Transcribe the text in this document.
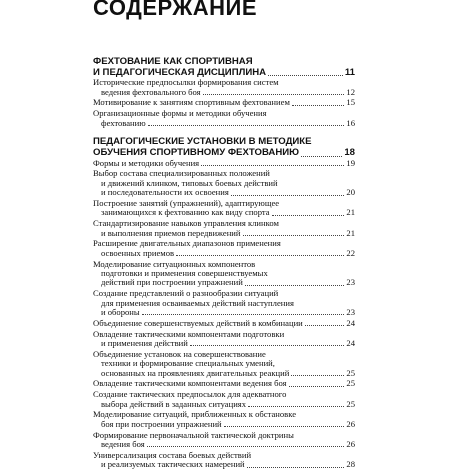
СОДЕРЖАНИЕ
ФЕХТОВАНИЕ КАК СПОРТИВНАЯ
И ПЕДАГОГИЧЕСКАЯ ДИСЦИПЛИНА	11
Исторические предпосылки формирования систем
ведения фехтовального боя	12
Мотивирование к занятиям спортивным фехтованием	15
Организационные формы и методики обучения
фехтованию	16
ПЕДАГОГИЧЕСКИЕ УСТАНОВКИ В МЕТОДИКЕ
ОБУЧЕНИЯ СПОРТИВНОМУ ФЕХТОВАНИЮ	18
Формы и методики обучения	19
Выбор состава специализированных положений
и движений клинком, типовых боевых действий
и последовательности их освоения	20
Построение занятий (упражнений), адаптирующее
занимающихся к фехтованию как виду спорта	21
Стандартизирование навыков управления клинком
и выполнения приемов передвижений	21
Расширение двигательных диапазонов применения
освоенных приемов	22
Моделирование ситуационных компонентов
подготовки и применения совершенствуемых
действий при построении упражнений	23
Создание представлений о разнообразии ситуаций
для применения осваиваемых действий наступления
и обороны	23
Объединение совершенствуемых действий в комбинации	24
Овладение тактическими компонентами подготовки
и применения действий	24
Объединение установок на совершенствование
техники и формирование специальных умений,
основанных на проявлениях двигательных реакций	25
Овладение тактическими компонентами ведения боя	25
Создание тактических предпосылок для адекватного
выбора действий в заданных ситуациях	25
Моделирование ситуаций, приближенных к обстановке
боя при построении упражнений	26
Формирование первоначальной тактической доктрины
ведения боя	26
Универсализация состава боевых действий
и реализуемых тактических намерений	28
